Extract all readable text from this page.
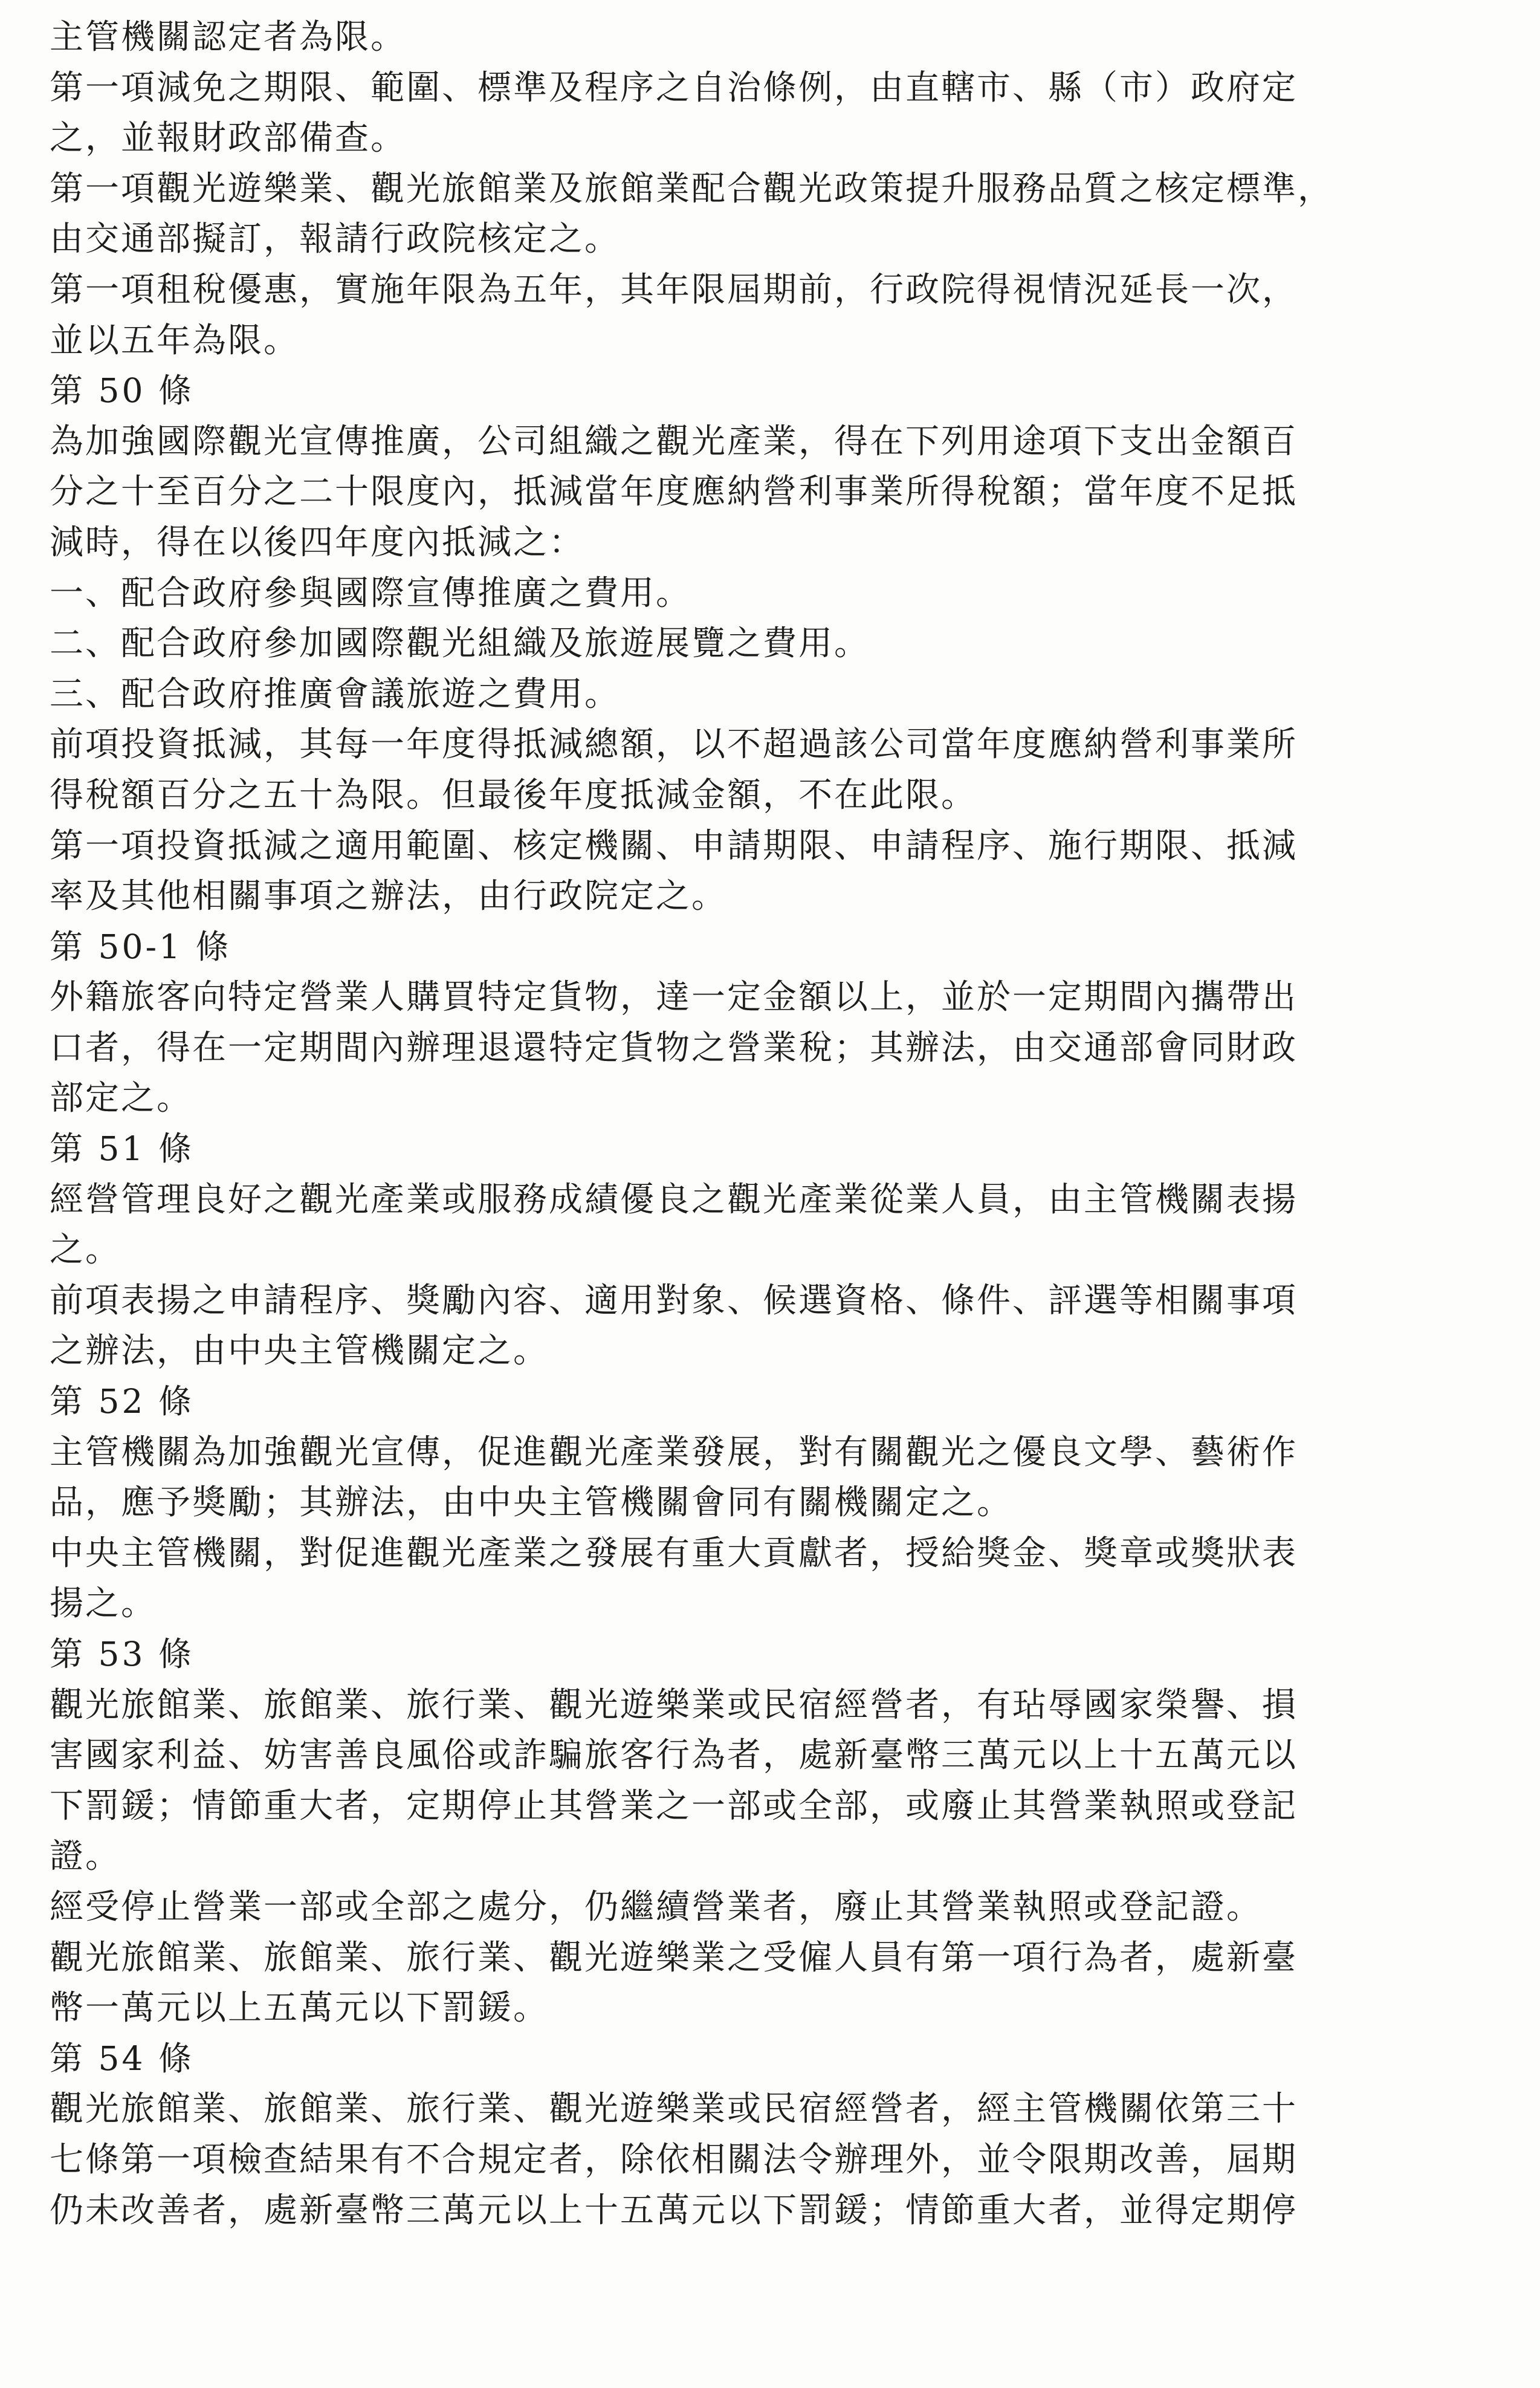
主管機關認定者為限。
第一項減免之期限、範圍、標準及程序之自治條例，由直轄市、縣（市）政府定
之，並報財政部備查。
第一項觀光遊樂業、觀光旅館業及旅館業配合觀光政策提升服務品質之核定標準，
由交通部擬訂，報請行政院核定之。
第一項租稅優惠，實施年限為五年，其年限屆期前，行政院得視情況延長一次，
並以五年為限。
第 50 條
為加強國際觀光宣傳推廣，公司組織之觀光產業，得在下列用途項下支出金額百
分之十至百分之二十限度內，抵減當年度應納營利事業所得稅額；當年度不足抵
減時，得在以後四年度內抵減之：
一、配合政府參與國際宣傳推廣之費用。
二、配合政府參加國際觀光組織及旅遊展覽之費用。
三、配合政府推廣會議旅遊之費用。
前項投資抵減，其每一年度得抵減總額，以不超過該公司當年度應納營利事業所
得稅額百分之五十為限。但最後年度抵減金額，不在此限。
第一項投資抵減之適用範圍、核定機關、申請期限、申請程序、施行期限、抵減
率及其他相關事項之辦法，由行政院定之。
第 50-1 條
外籍旅客向特定營業人購買特定貨物，達一定金額以上，並於一定期間內攜帶出
口者，得在一定期間內辦理退還特定貨物之營業稅；其辦法，由交通部會同財政
部定之。
第 51 條
經營管理良好之觀光產業或服務成績優良之觀光產業從業人員，由主管機關表揚
之。
前項表揚之申請程序、獎勵內容、適用對象、候選資格、條件、評選等相關事項
之辦法，由中央主管機關定之。
第 52 條
主管機關為加強觀光宣傳，促進觀光產業發展，對有關觀光之優良文學、藝術作
品，應予獎勵；其辦法，由中央主管機關會同有關機關定之。
中央主管機關，對促進觀光產業之發展有重大貢獻者，授給獎金、獎章或獎狀表
揚之。
第 53 條
觀光旅館業、旅館業、旅行業、觀光遊樂業或民宿經營者，有玷辱國家榮譽、損
害國家利益、妨害善良風俗或詐騙旅客行為者，處新臺幣三萬元以上十五萬元以
下罰鍰；情節重大者，定期停止其營業之一部或全部，或廢止其營業執照或登記
證。
經受停止營業一部或全部之處分，仍繼續營業者，廢止其營業執照或登記證。
觀光旅館業、旅館業、旅行業、觀光遊樂業之受僱人員有第一項行為者，處新臺
幣一萬元以上五萬元以下罰鍰。
第 54 條
觀光旅館業、旅館業、旅行業、觀光遊樂業或民宿經營者，經主管機關依第三十
七條第一項檢查結果有不合規定者，除依相關法令辦理外，並令限期改善，屆期
仍未改善者，處新臺幣三萬元以上十五萬元以下罰鍰；情節重大者，並得定期停
